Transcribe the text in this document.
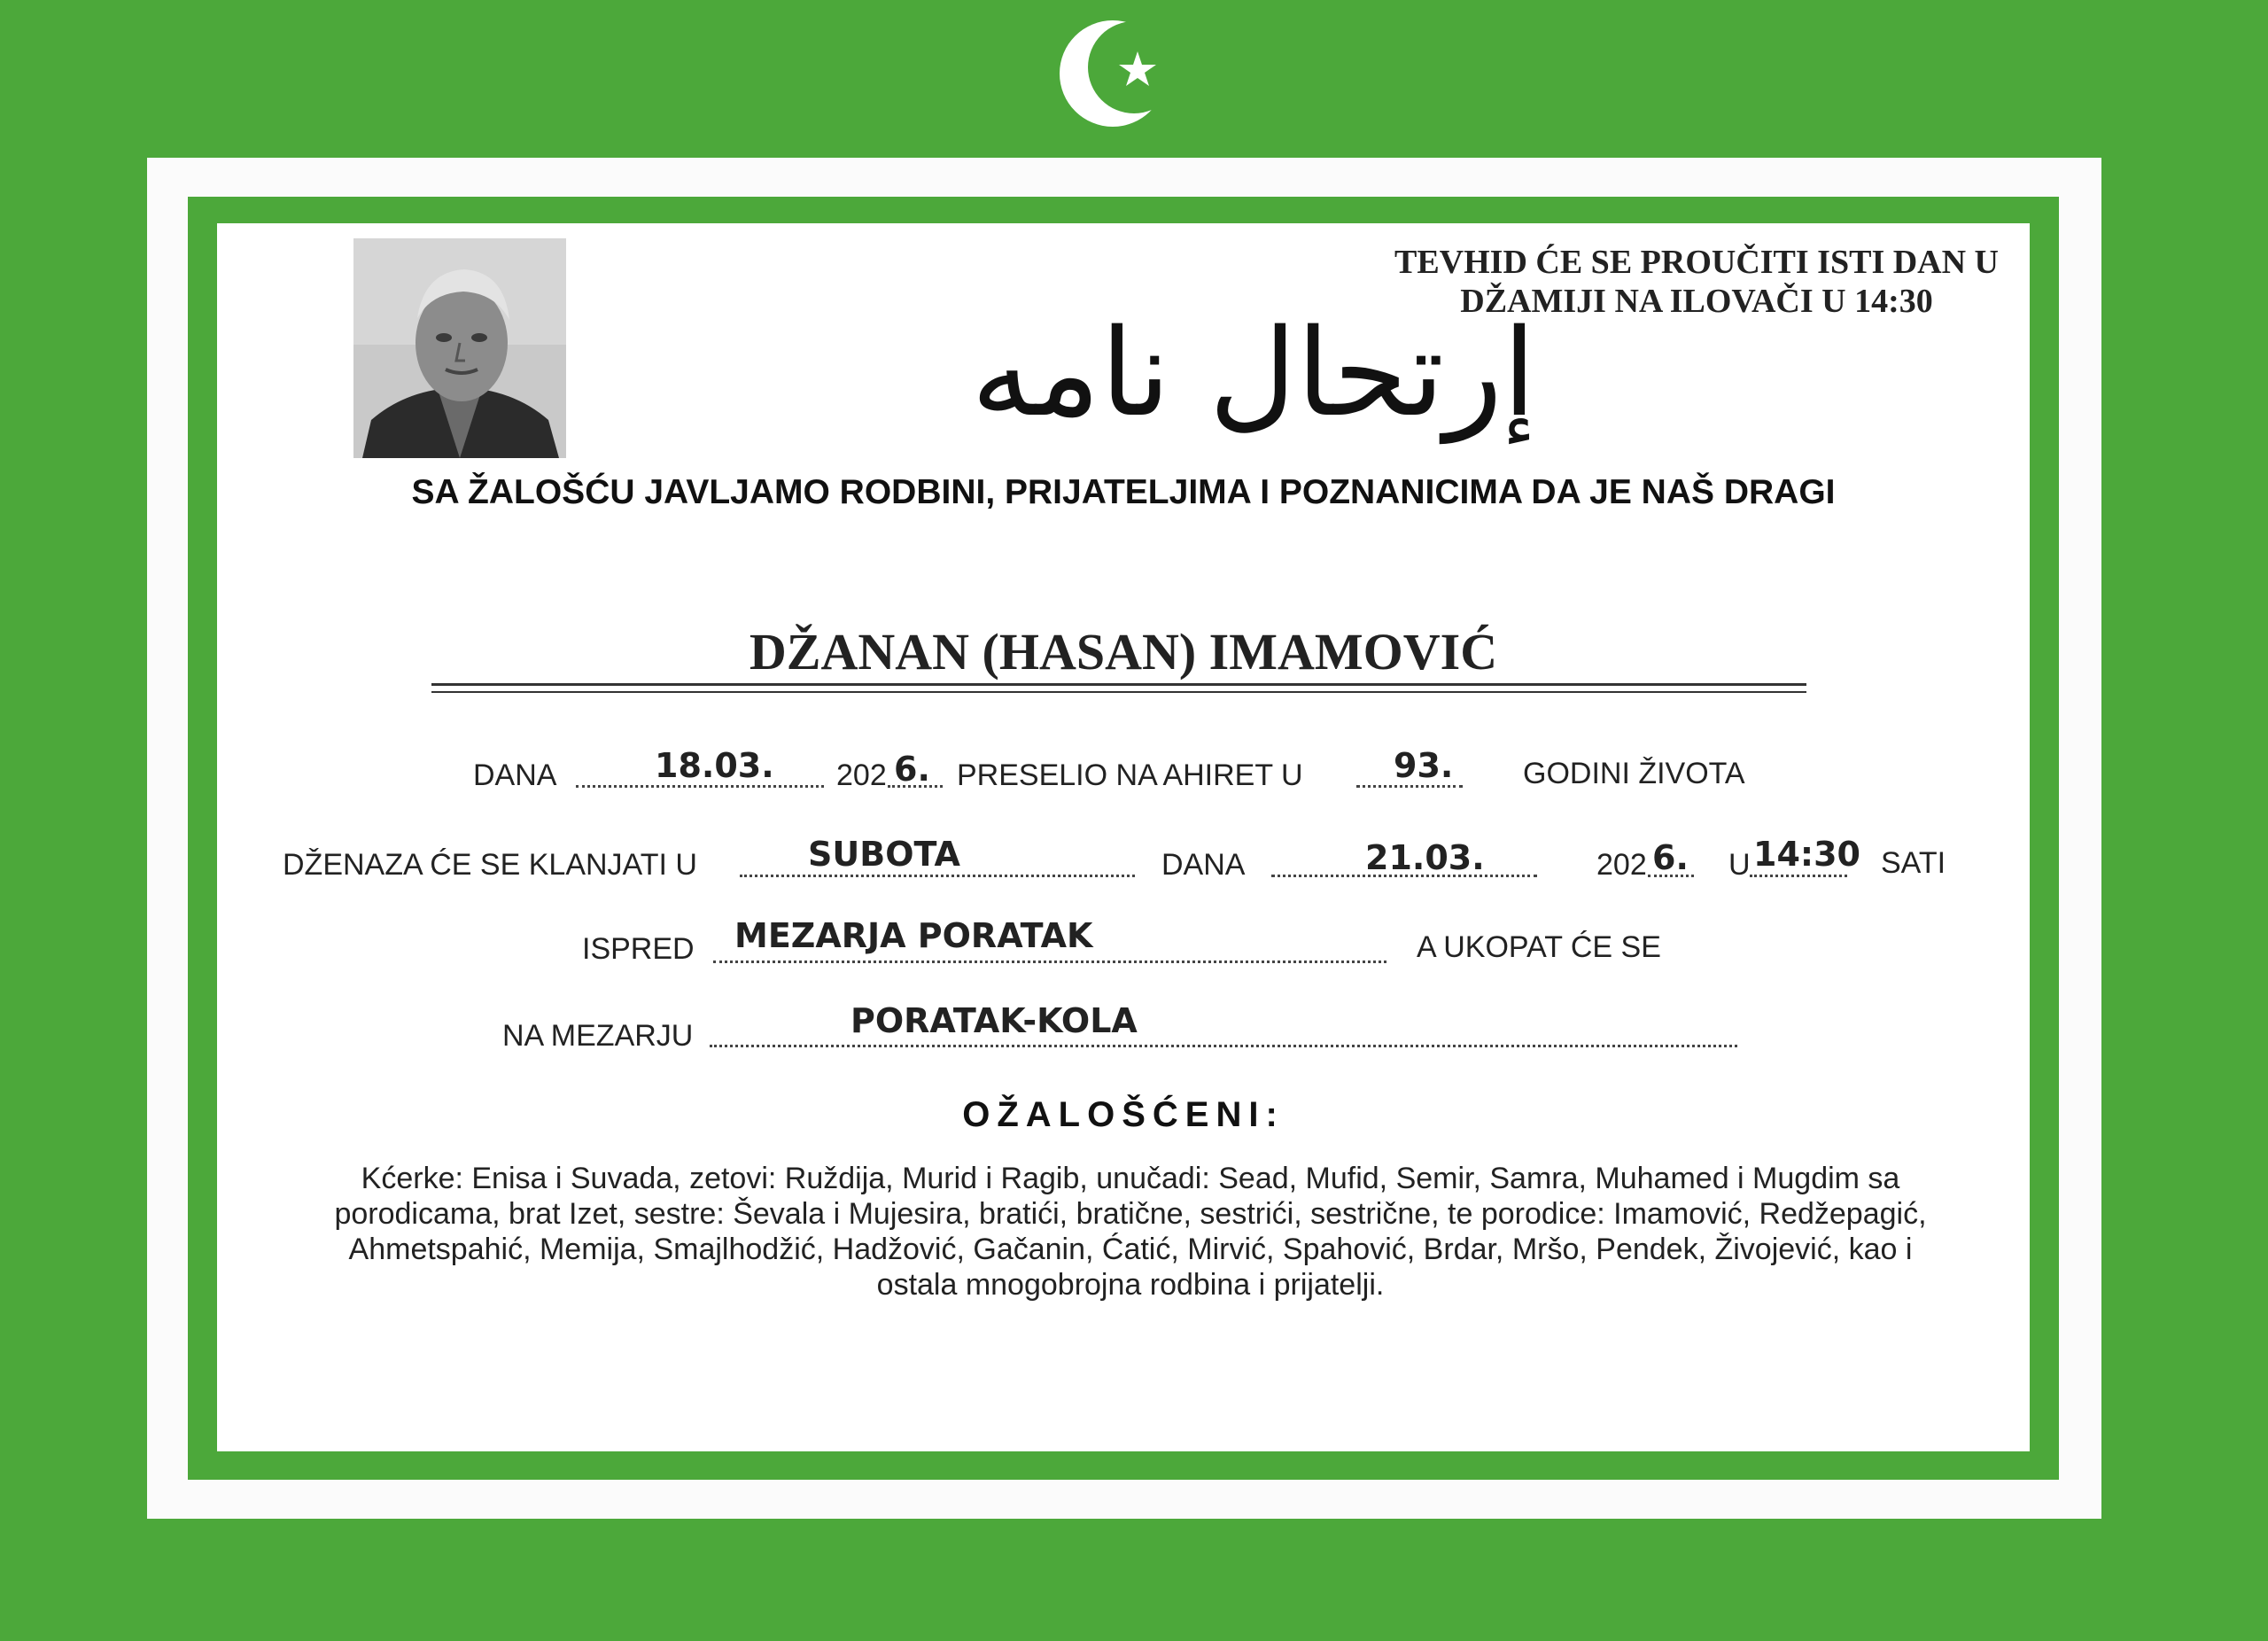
إرتحال نامه
TEVHID ĆE SE PROUČITI ISTI DAN U DŽAMIJI NA ILOVAČI U 14:30
SA ŽALOŠĆU JAVLJAMO RODBINI, PRIJATELJIMA I POZNANICIMA DA JE NAŠ DRAGI
DŽANAN (HASAN) IMAMOVIĆ
DANA	18.03. 202 6. PRESELIO NA AHIRET U	93. GODINI ŽIVOTA
DŽENAZA ĆE SE KLANJATI U	SUBOTA	DANA	21.03.	202 6. U 14:30 SATI
ISPRED MEZARJA PORATAK	A UKOPAT ĆE SE
NA MEZARJU	PORATAK-KOLA
OŽALOŠĆENI:
Kćerke: Enisa i Suvada, zetovi: Ruždija, Murid i Ragib, unučadi: Sead, Mufid, Semir, Samra, Muhamed i Mugdim sa
porodicama, brat Izet, sestre: Ševala i Mujesira, bratići, bratične, sestrići, sestrične, te porodice: Imamović, Redžepagić,
Ahmetspahić, Memija, Smajlhodžić, Hadžović, Gačanin, Ćatić, Mirvić, Spahović, Brdar, Mršo, Pendek, Živojević, kao i
ostala mnogobrojna rodbina i prijatelji.
